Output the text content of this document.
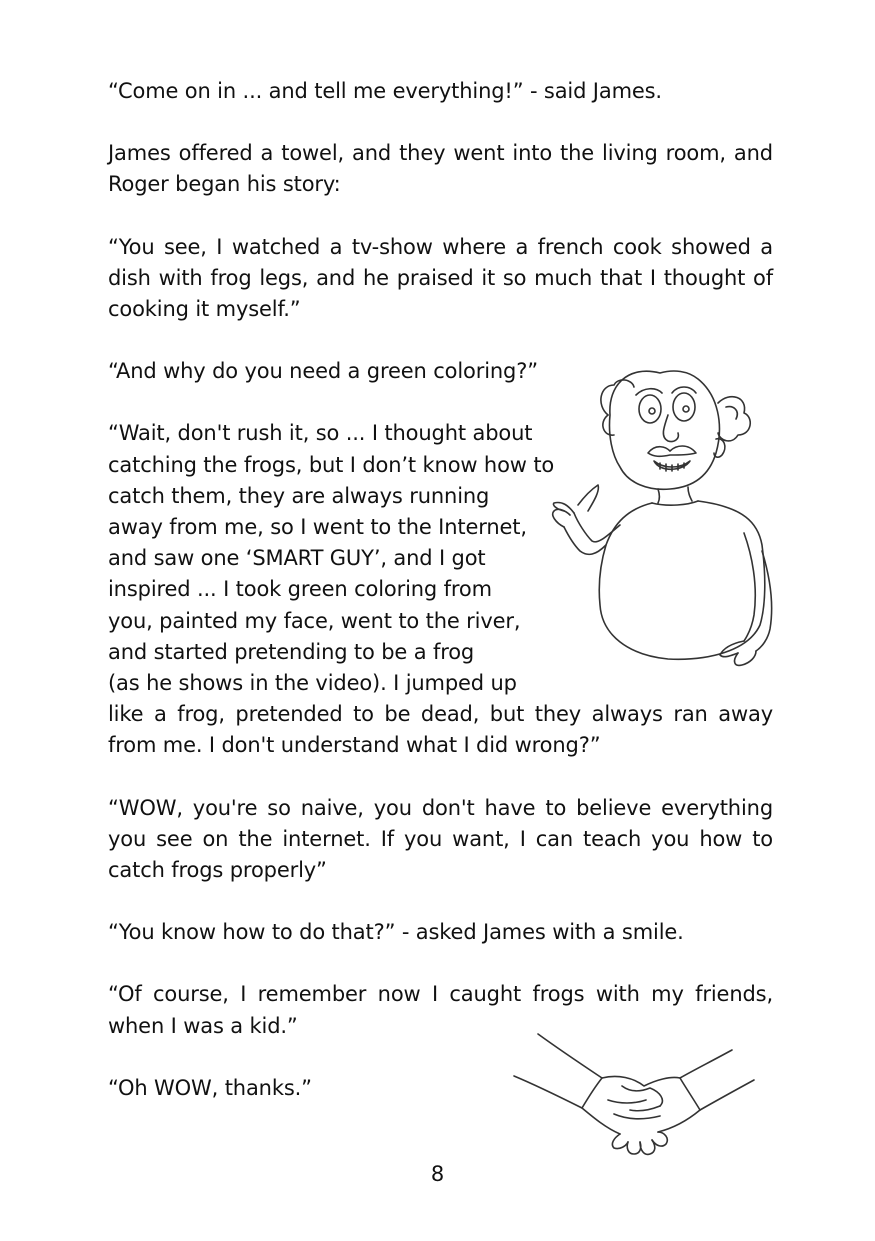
“Come on in ... and tell me everything!” - said James.

James offered a towel, and they went into the living room, and Roger began his story:

“You see, I watched a tv-show where a french cook showed a dish with frog legs, and he praised it so much that I thought of cooking it myself.”

“And why do you need a green coloring?”

“Wait, don't rush it, so ... I thought about
catching the frogs, but I don’t know how to
catch them, they are always running
away from me, so I went to the Internet,
and saw one ‘SMART GUY’, and I got
inspired ... I took green coloring from
you, painted my face, went to the river,
and started pretending to be a frog
(as he shows in the video). I jumped up
like a frog, pretended to be dead, but they always ran away from me. I don't understand what I did wrong?”

“WOW, you're so naive, you don't have to believe everything you see on the internet. If you want, I can teach you how to catch frogs properly”

“You know how to do that?” - asked James with a smile.

“Of course, I remember now I caught frogs with my friends, when I was a kid.”

“Oh WOW, thanks.”

8
